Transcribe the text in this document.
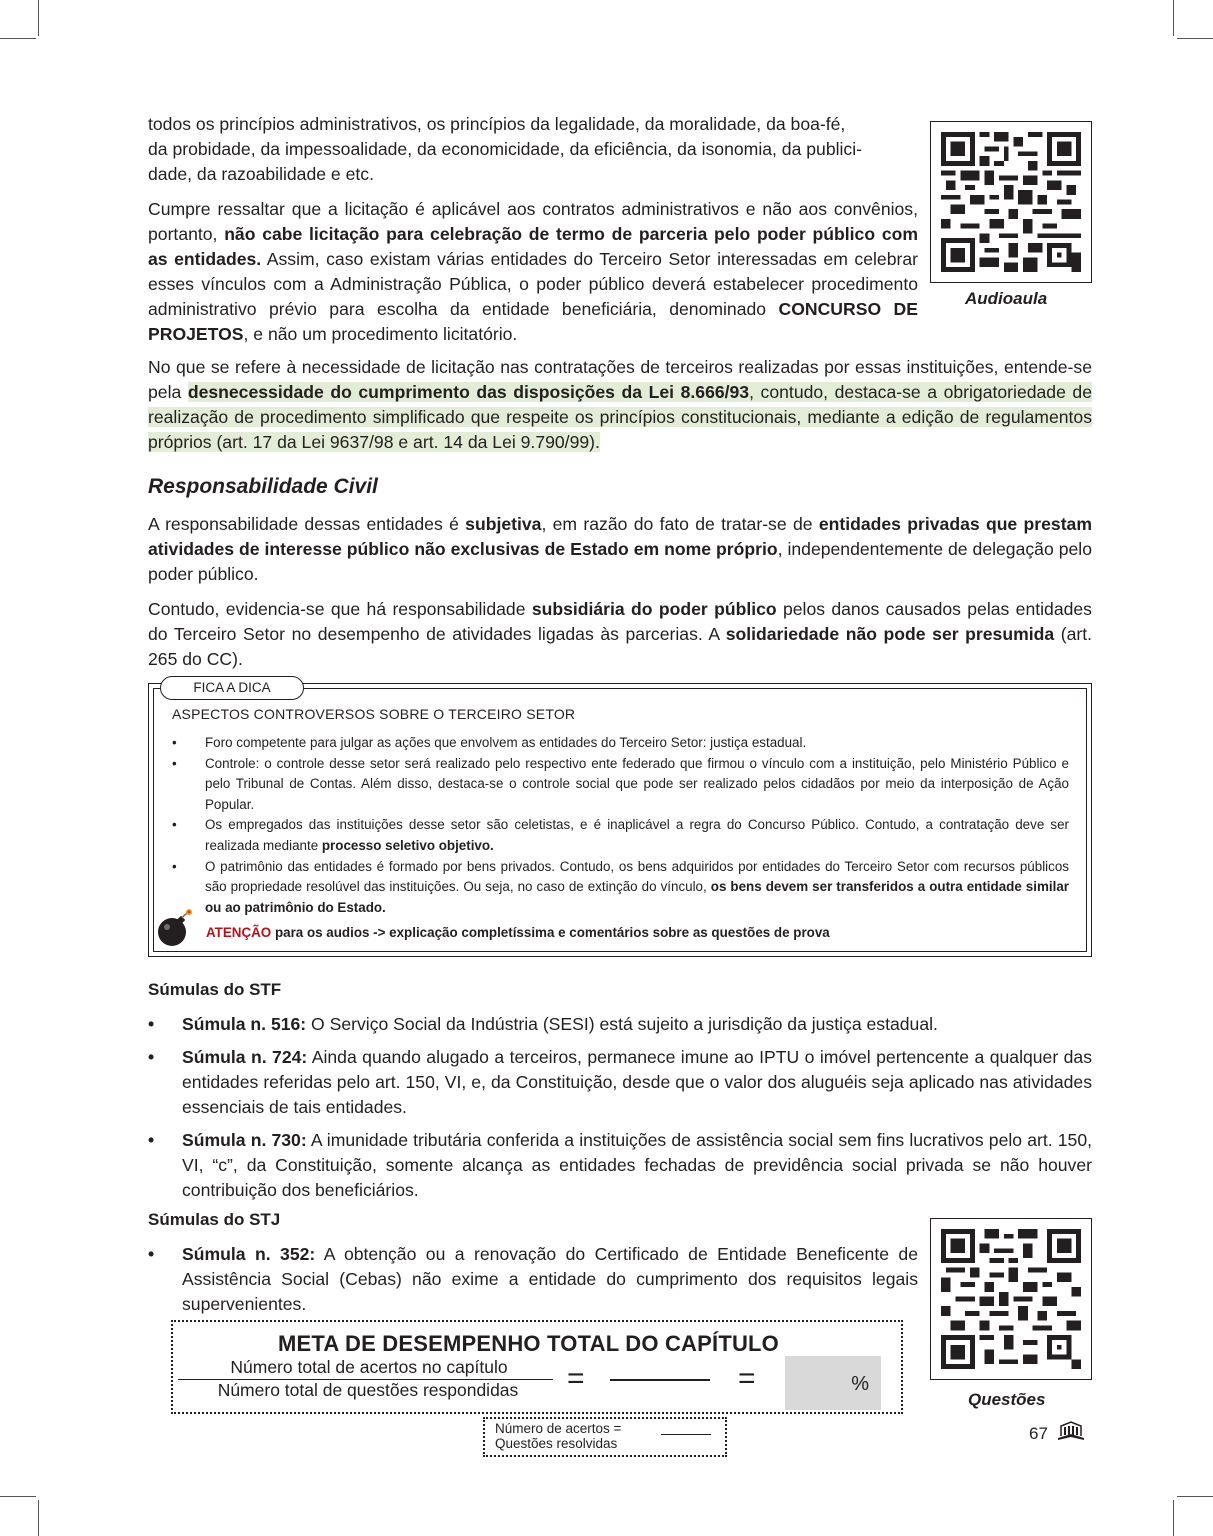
todos os princípios administrativos, os princípios da legalidade, da moralidade, da boa-fé,
da probidade, da impessoalidade, da economicidade, da eficiência, da isonomia, da publici-
dade, da razoabilidade e etc.

Cumpre ressaltar que a licitação é aplicável aos contratos administrativos e não aos convênios, portanto, não cabe licitação para celebração de termo de parceria pelo poder público com as entidades. Assim, caso existam várias entidades do Terceiro Setor interessadas em celebrar esses vínculos com a Administração Pública, o poder público deverá estabelecer procedimento administrativo prévio para escolha da entidade beneficiária, denominado CONCURSO DE PROJETOS, e não um procedimento licitatório.

Audioaula

No que se refere à necessidade de licitação nas contratações de terceiros realizadas por essas instituições, entende-se pela desnecessidade do cumprimento das disposições da Lei 8.666/93, contudo, destaca-se a obrigatoriedade de realização de procedimento simplificado que respeite os princípios constitucionais, mediante a edição de regulamentos próprios (art. 17 da Lei 9637/98 e art. 14 da Lei 9.790/99).

Responsabilidade Civil

A responsabilidade dessas entidades é subjetiva, em razão do fato de tratar-se de entidades privadas que prestam atividades de interesse público não exclusivas de Estado em nome próprio, independentemente de delegação pelo poder público.

Contudo, evidencia-se que há responsabilidade subsidiária do poder público pelos danos causados pelas entidades do Terceiro Setor no desempenho de atividades ligadas às parcerias. A solidariedade não pode ser presumida (art. 265 do CC).

FICA A DICA

ASPECTOS CONTROVERSOS SOBRE O TERCEIRO SETOR

• Foro competente para julgar as ações que envolvem as entidades do Terceiro Setor: justiça estadual.
• Controle: o controle desse setor será realizado pelo respectivo ente federado que firmou o vínculo com a instituição, pelo Ministério Público e pelo Tribunal de Contas. Além disso, destaca-se o controle social que pode ser realizado pelos cidadãos por meio da interposição de Ação Popular.
• Os empregados das instituições desse setor são celetistas, e é inaplicável a regra do Concurso Público. Contudo, a contratação deve ser realizada mediante processo seletivo objetivo.
• O patrimônio das entidades é formado por bens privados. Contudo, os bens adquiridos por entidades do Terceiro Setor com recursos públicos são propriedade resolúvel das instituições. Ou seja, no caso de extinção do vínculo, os bens devem ser transferidos a outra entidade similar ou ao patrimônio do Estado.

ATENÇÃO para os audios -> explicação completíssima e comentários sobre as questões de prova

Súmulas do STF
• Súmula n. 516: O Serviço Social da Indústria (SESI) está sujeito a jurisdição da justiça estadual.
• Súmula n. 724: Ainda quando alugado a terceiros, permanece imune ao IPTU o imóvel pertencente a qualquer das entidades referidas pelo art. 150, VI, e, da Constituição, desde que o valor dos aluguéis seja aplicado nas atividades essenciais de tais entidades.
• Súmula n. 730: A imunidade tributária conferida a instituições de assistência social sem fins lucrativos pelo art. 150, VI, “c”, da Constituição, somente alcança as entidades fechadas de previdência social privada se não houver contribuição dos beneficiários.
Súmulas do STJ
• Súmula n. 352: A obtenção ou a renovação do Certificado de Entidade Beneficente de Assistência Social (Cebas) não exime a entidade do cumprimento dos requisitos legais supervenientes.
Questões
META DE DESEMPENHO TOTAL DO CAPÍTULO
Número total de acertos no capítulo
Número total de questões respondidas	=	=	%
Número de acertos =
Questões resolvidas
67
